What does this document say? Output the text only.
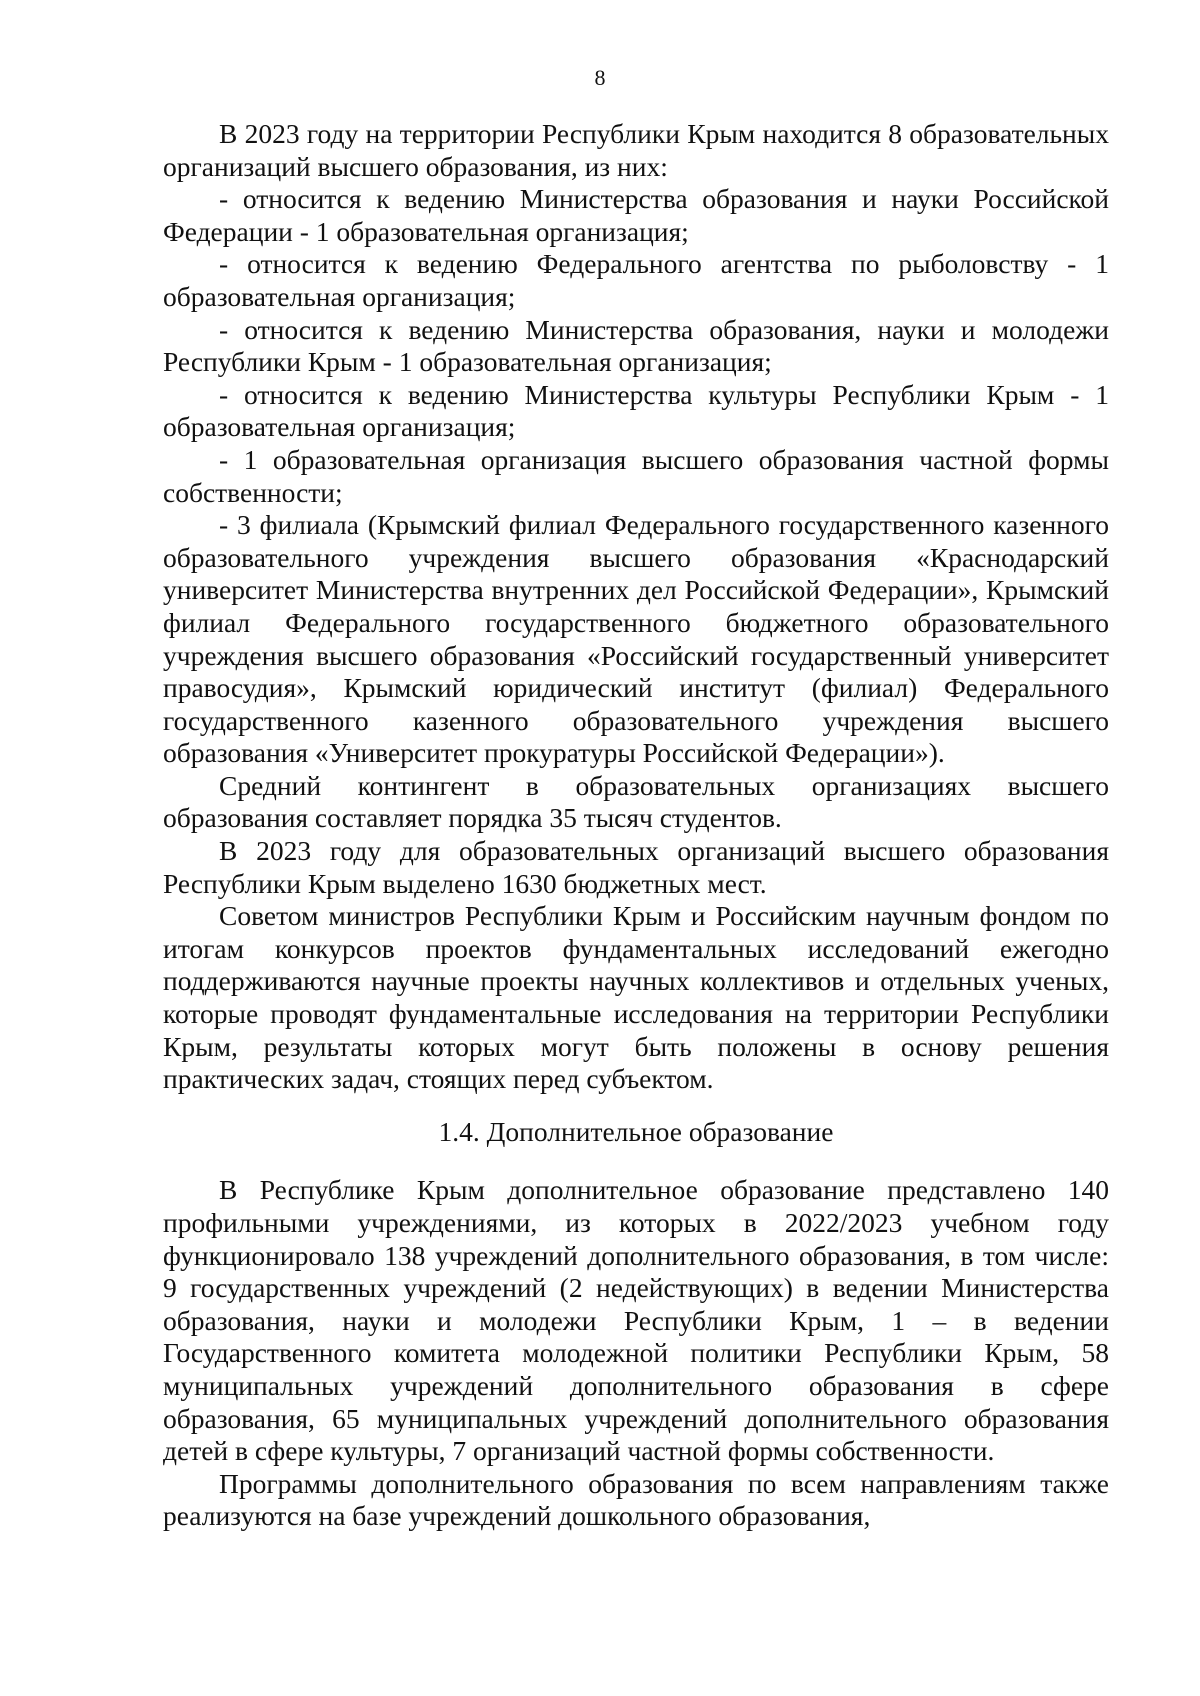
8

В 2023 году на территории Республики Крым находится 8 образовательных организаций высшего образования, из них:

- относится к ведению Министерства образования и науки Российской Федерации - 1 образовательная организация;

- относится к ведению Федерального агентства по рыболовству - 1 образовательная организация;

- относится к ведению Министерства образования, науки и молодежи Республики Крым - 1 образовательная организация;

- относится к ведению Министерства культуры Республики Крым - 1 образовательная организация;

- 1 образовательная организация высшего образования частной формы собственности;

- 3 филиала (Крымский филиал Федерального государственного казенного образовательного учреждения высшего образования «Краснодарский университет Министерства внутренних дел Российской Федерации», Крымский филиал Федерального государственного бюджетного образовательного учреждения высшего образования «Российский государственный университет правосудия», Крымский юридический институт (филиал) Федерального государственного казенного образовательного учреждения высшего образования «Университет прокуратуры Российской Федерации»).

Средний контингент в образовательных организациях высшего образования составляет порядка 35 тысяч студентов.

В 2023 году для образовательных организаций высшего образования Республики Крым выделено 1630 бюджетных мест.

Советом министров Республики Крым и Российским научным фондом по итогам конкурсов проектов фундаментальных исследований ежегодно поддерживаются научные проекты научных коллективов и отдельных ученых, которые проводят фундаментальные исследования на территории Республики Крым, результаты которых могут быть положены в основу решения практических задач, стоящих перед субъектом.

1.4. Дополнительное образование

В Республике Крым дополнительное образование представлено 140 профильными учреждениями, из которых в 2022/2023 учебном году функционировало 138 учреждений дополнительного образования, в том числе: 9 государственных учреждений (2 недействующих) в ведении Министерства образования, науки и молодежи Республики Крым, 1 – в ведении Государственного комитета молодежной политики Республики Крым, 58 муниципальных учреждений дополнительного образования в сфере образования, 65 муниципальных учреждений дополнительного образования детей в сфере культуры, 7 организаций частной формы собственности.

Программы дополнительного образования по всем направлениям также реализуются на базе учреждений дошкольного образования,
